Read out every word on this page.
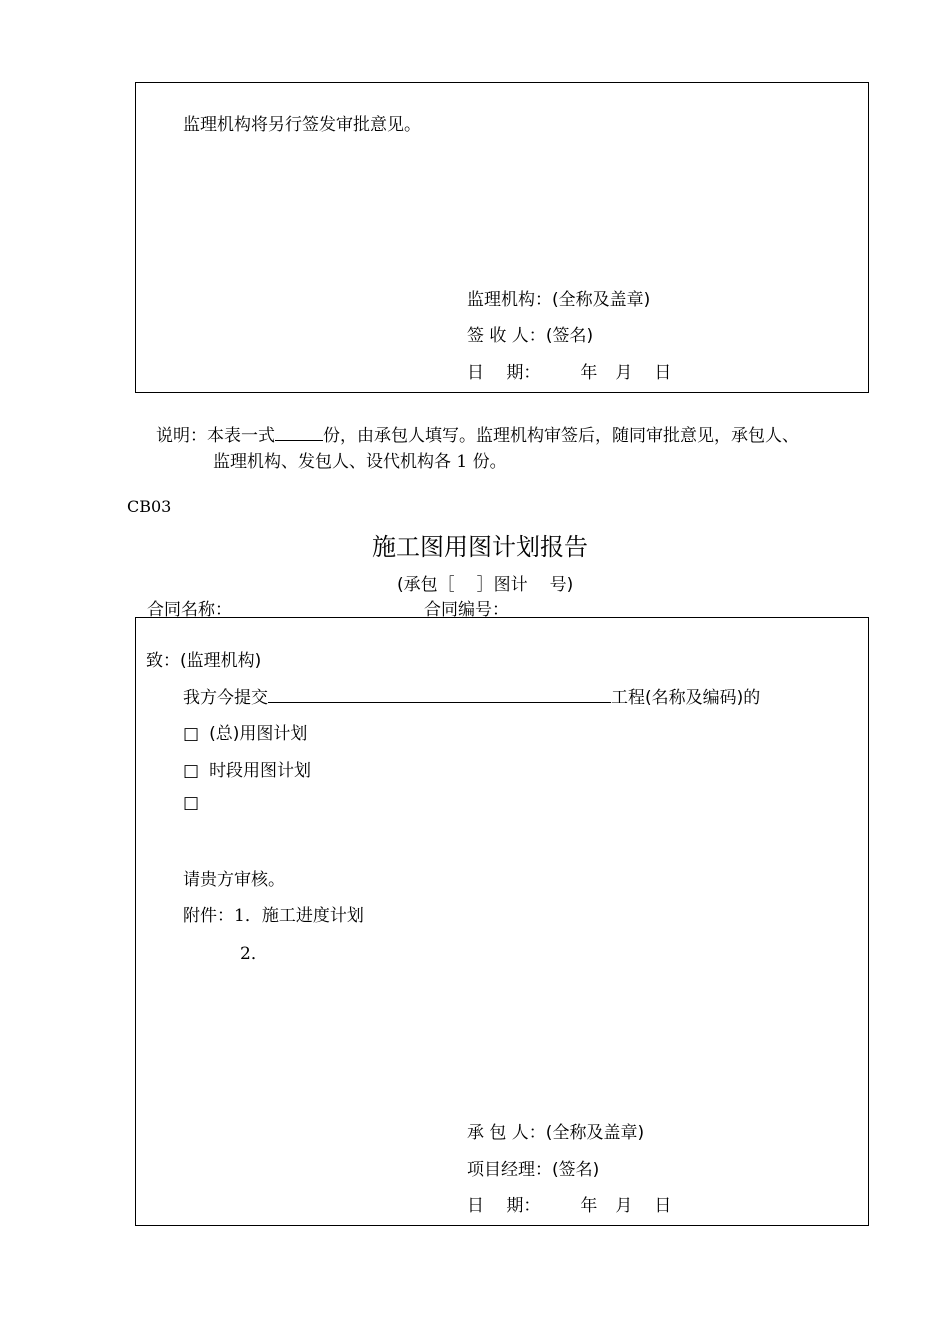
监理机构将另行签发审批意见。
监理机构：(全称及盖章)
签 收 人：(签名)
日　 期： 年 月 日
说明：本表一式	份，由承包人填写。监理机构审签后，随同审批意见，承包人、
监理机构、发包人、设代机构各 1 份。
CB03
施工图用图计划报告
(承包［ ］图计 号)
合同名称：	合同编号：
致：(监理机构)
我方今提交	工程(名称及编码)的
□ (总)用图计划
□ 时段用图计划
□
请贵方审核。
附件：1．施工进度计划
2．
承 包 人：(全称及盖章)
项目经理：(签名)
日　 期： 年 月 日
